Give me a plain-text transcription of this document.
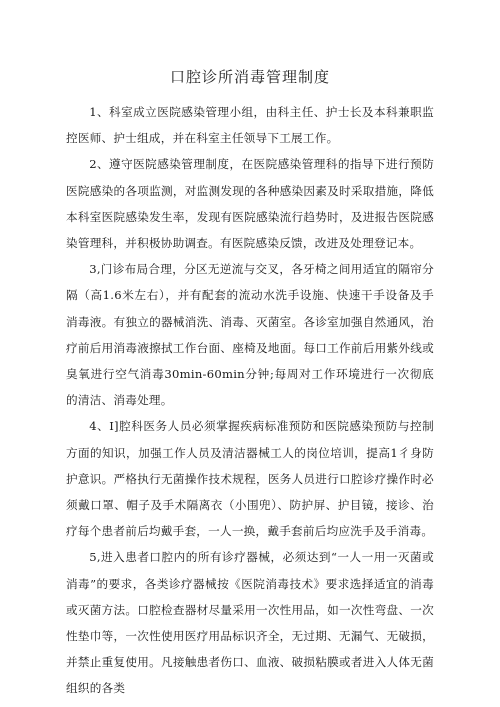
口腔诊所消毒管理制度

1、科室成立医院感染管理小组，由科主任、护士长及本科兼职监控医师、护士组成，并在科室主任领导下工展工作。

2、遵守医院感染管理制度，在医院感染管理科的指导下进行预防医院感染的各项监测，对监测发现的各种感染因素及时采取措施，降低本科室医院感染发生率，发现有医院感染流行趋势时，及进报告医院感染管理科，并积极协助调查。有医院感染反馈，改进及处理登记本。

3,门诊布局合理，分区无逆流与交叉，各牙椅之间用适宜的隔帘分隔（高1.6米左右），并有配套的流动水洗手设施、快速干手设备及手消毒液。有独立的器械消洗、消毒、灭菌室。各诊室加强自然通风，治疗前后用消毒液擦拭工作台面、座椅及地面。每口工作前后用紫外线或臭氧进行空气消毒30min-60min分钟;每周对工作环境进行一次彻底的清洁、消毒处理。

4、I]腔科医务人员必须掌握疾病标准预防和医院感染预防与控制方面的知识，加强工作人员及清洁器械工人的岗位培训，提高1彳身防护意识。严格执行无菌操作技术规程，医务人员进行口腔诊疗操作时必须戴口罩、帽子及手术隔离衣（小围兜）、防护屏、护目镜，接诊、治疗每个患者前后均戴手套，一人一换，戴手套前后均应洗手及手消毒。

5,进入患者口腔内的所有诊疗器械，必须达到“一人一用一灭菌或消毒”的要求，各类诊疗器械按《医院消毒技术》要求选择适宜的消毒或灭菌方法。口腔检查器材尽量采用一次性用品，如一次性弯盘、一次性垫巾等，一次性使用医疗用品标识齐全，无过期、无漏气、无破损，并禁止重复使用。凡接触患者伤口、血液、破损粘膜或者进入人体无菌组织的各类
